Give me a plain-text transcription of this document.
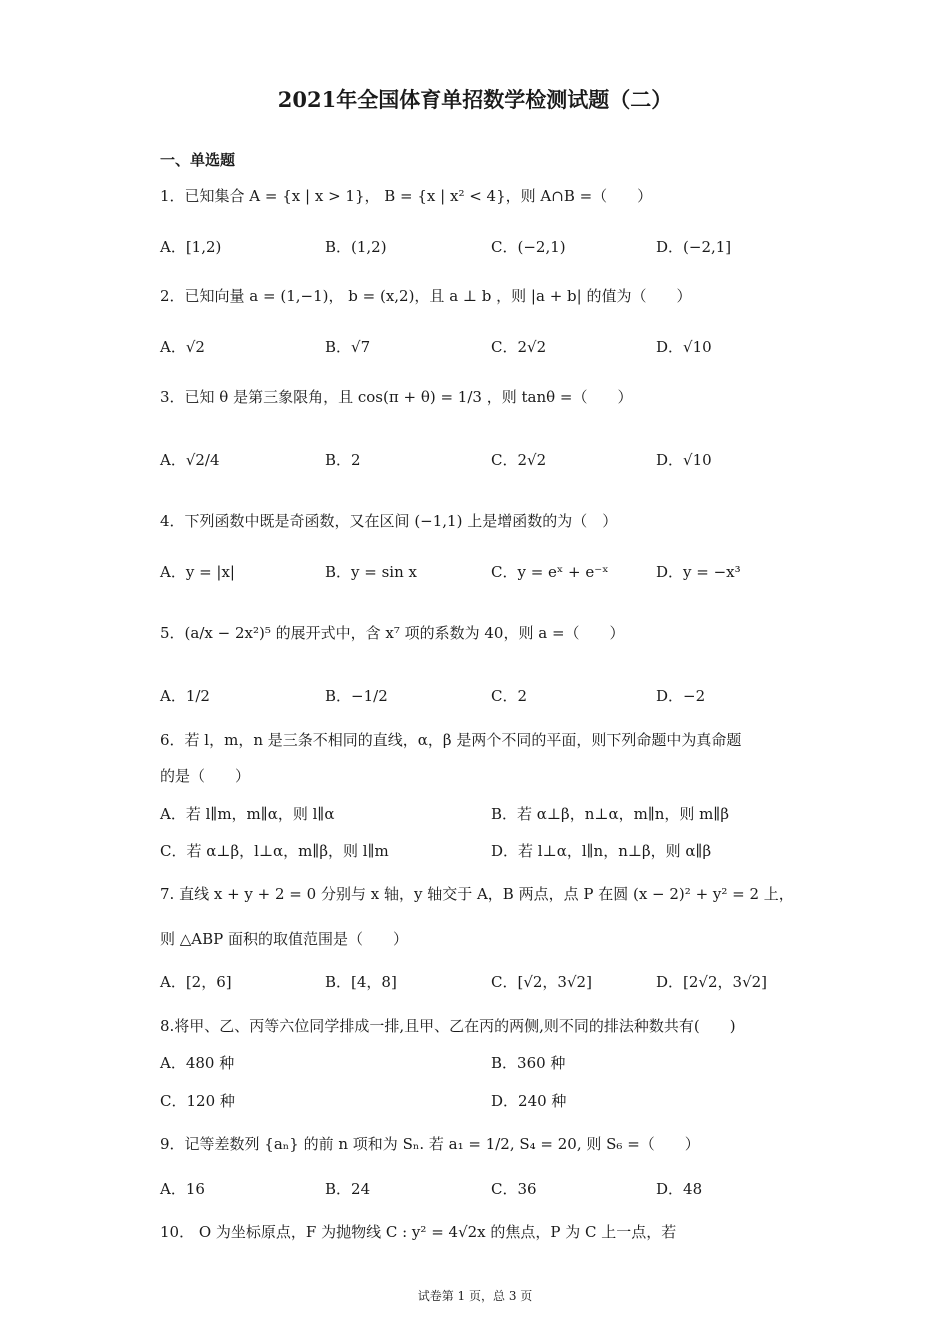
2021年全国体育单招数学检测试题（二）
一、单选题
1．已知集合 A = {x | x > 1}， B = {x | x² < 4}，则 A∩B =（　　）
A．[1,2)	B．(1,2)	C．(−2,1)	D．(−2,1]
2．已知向量 a = (1,−1)， b = (x,2)，且 a ⊥ b ，则 |a + b| 的值为（　　）
A．√2	B．√7	C．2√2	D．√10
3．已知 θ 是第三象限角，且 cos(π + θ) = 1/3 ，则 tanθ =（　　）
A．√2/4	B．2	C．2√2	D．√10
4．下列函数中既是奇函数，又在区间 (−1,1) 上是增函数的为（　）
A．y = |x|	B．y = sin x	C．y = eˣ + e⁻ˣ	D．y = −x³
5．(a/x − 2x²)⁵ 的展开式中，含 x⁷ 项的系数为 40，则 a =（　　）
A．1/2	B．−1/2	C．2	D．−2
6．若 l，m，n 是三条不相同的直线，α，β 是两个不同的平面，则下列命题中为真命题
的是（　　）
A．若 l∥m，m∥α，则 l∥α	B．若 α⊥β，n⊥α，m∥n，则 m∥β
C．若 α⊥β，l⊥α，m∥β，则 l∥m	D．若 l⊥α，l∥n，n⊥β，则 α∥β
7. 直线 x + y + 2 = 0 分别与 x 轴，y 轴交于 A，B 两点，点 P 在圆 (x − 2)² + y² = 2 上，
则 △ABP 面积的取值范围是（　　）
A．[2，6]	B．[4，8]	C．[√2，3√2]	D．[2√2，3√2]
8.将甲、乙、丙等六位同学排成一排,且甲、乙在丙的两侧,则不同的排法种数共有(　　)
A．480 种	B．360 种
C．120 种	D．240 种
9．记等差数列 {aₙ} 的前 n 项和为 Sₙ. 若 a₁ = 1/2, S₄ = 20, 则 S₆ =（　　）
A．16	B．24	C．36	D．48
10． O 为坐标原点，F 为抛物线 C : y² = 4√2x 的焦点，P 为 C 上一点，若
试卷第 1 页，总 3 页
